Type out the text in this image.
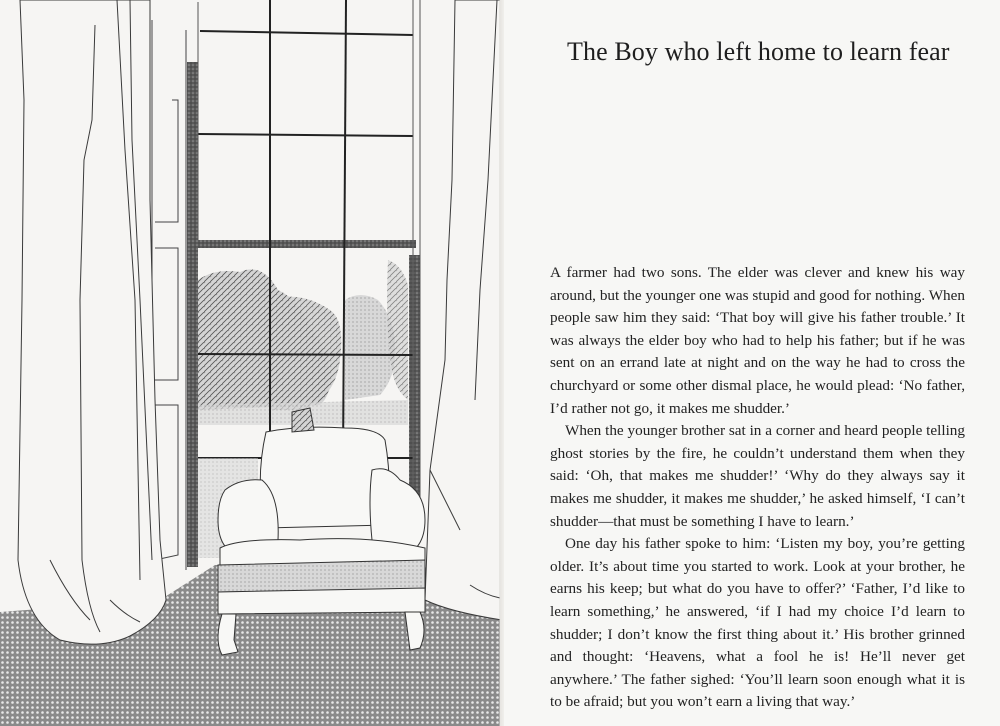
The Boy who left home to learn fear

A farmer had two sons. The elder was clever and knew his way around, but the younger one was stupid and good for nothing. When people saw him they said: ‘That boy will give his father trouble.’ It was always the elder boy who had to help his father; but if he was sent on an errand late at night and on the way he had to cross the churchyard or some other dismal place, he would plead: ‘No father, I’d rather not go, it makes me shudder.’

When the younger brother sat in a corner and heard people telling ghost stories by the fire, he couldn’t understand them when they said: ‘Oh, that makes me shudder!’ ‘Why do they always say it makes me shudder, it makes me shudder,’ he asked himself, ‘I can’t shudder—that must be something I have to learn.’

One day his father spoke to him: ‘Listen my boy, you’re getting older. It’s about time you started to work. Look at your brother, he earns his keep; but what do you have to offer?’ ‘Father, I’d like to learn something,’ he answered, ‘if I had my choice I’d learn to shudder; I don’t know the first thing about it.’ His brother grinned and thought: ‘Heavens, what a fool he is! He’ll never get anywhere.’ The father sighed: ‘You’ll learn soon enough what it is to be afraid; but you won’t earn a living that way.’
